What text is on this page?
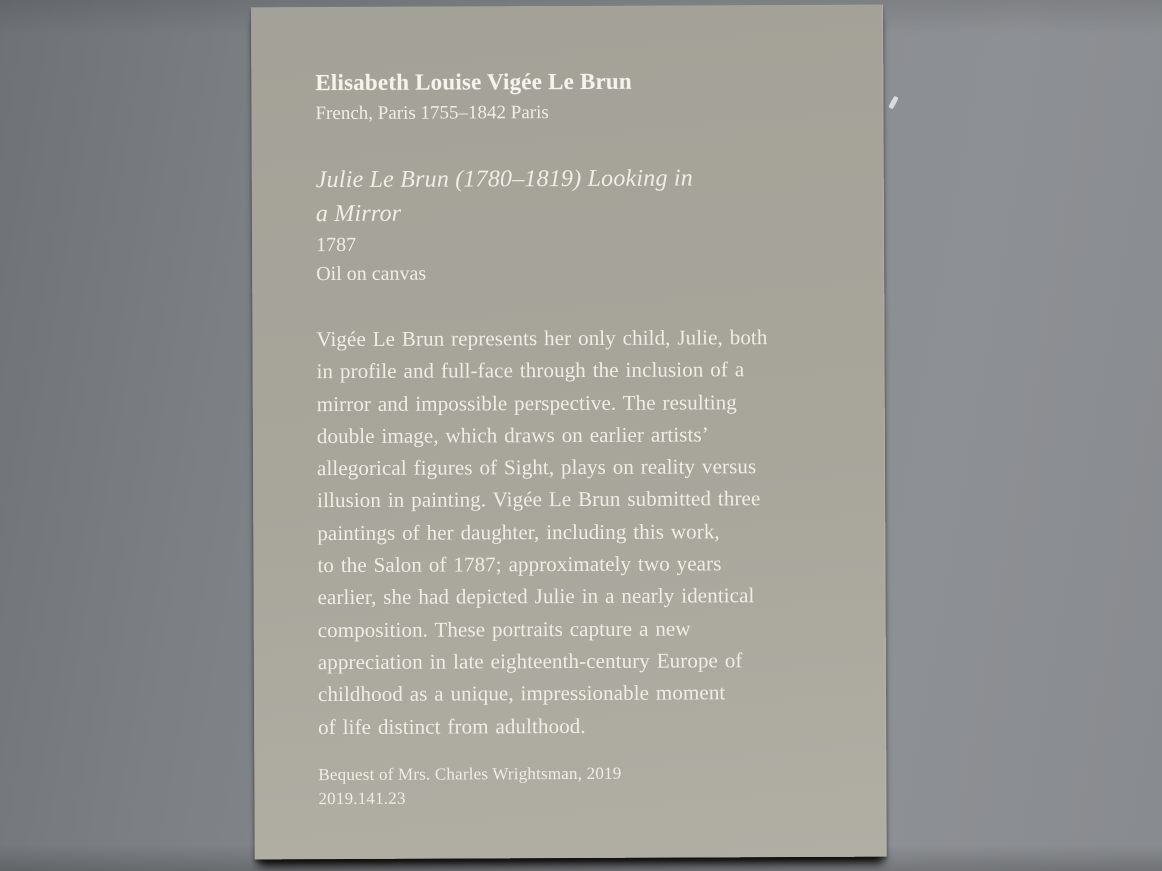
Elisabeth Louise Vigée Le Brun
French, Paris 1755–1842 Paris
Julie Le Brun (1780–1819) Looking in
a Mirror
1787
Oil on canvas
Vigée Le Brun represents her only child, Julie, both
in profile and full-face through the inclusion of a
mirror and impossible perspective. The resulting
double image, which draws on earlier artists’
allegorical figures of Sight, plays on reality versus
illusion in painting. Vigée Le Brun submitted three
paintings of her daughter, including this work,
to the Salon of 1787; approximately two years
earlier, she had depicted Julie in a nearly identical
composition. These portraits capture a new
appreciation in late eighteenth-century Europe of
childhood as a unique, impressionable moment
of life distinct from adulthood.
Bequest of Mrs. Charles Wrightsman, 2019
2019.141.23
